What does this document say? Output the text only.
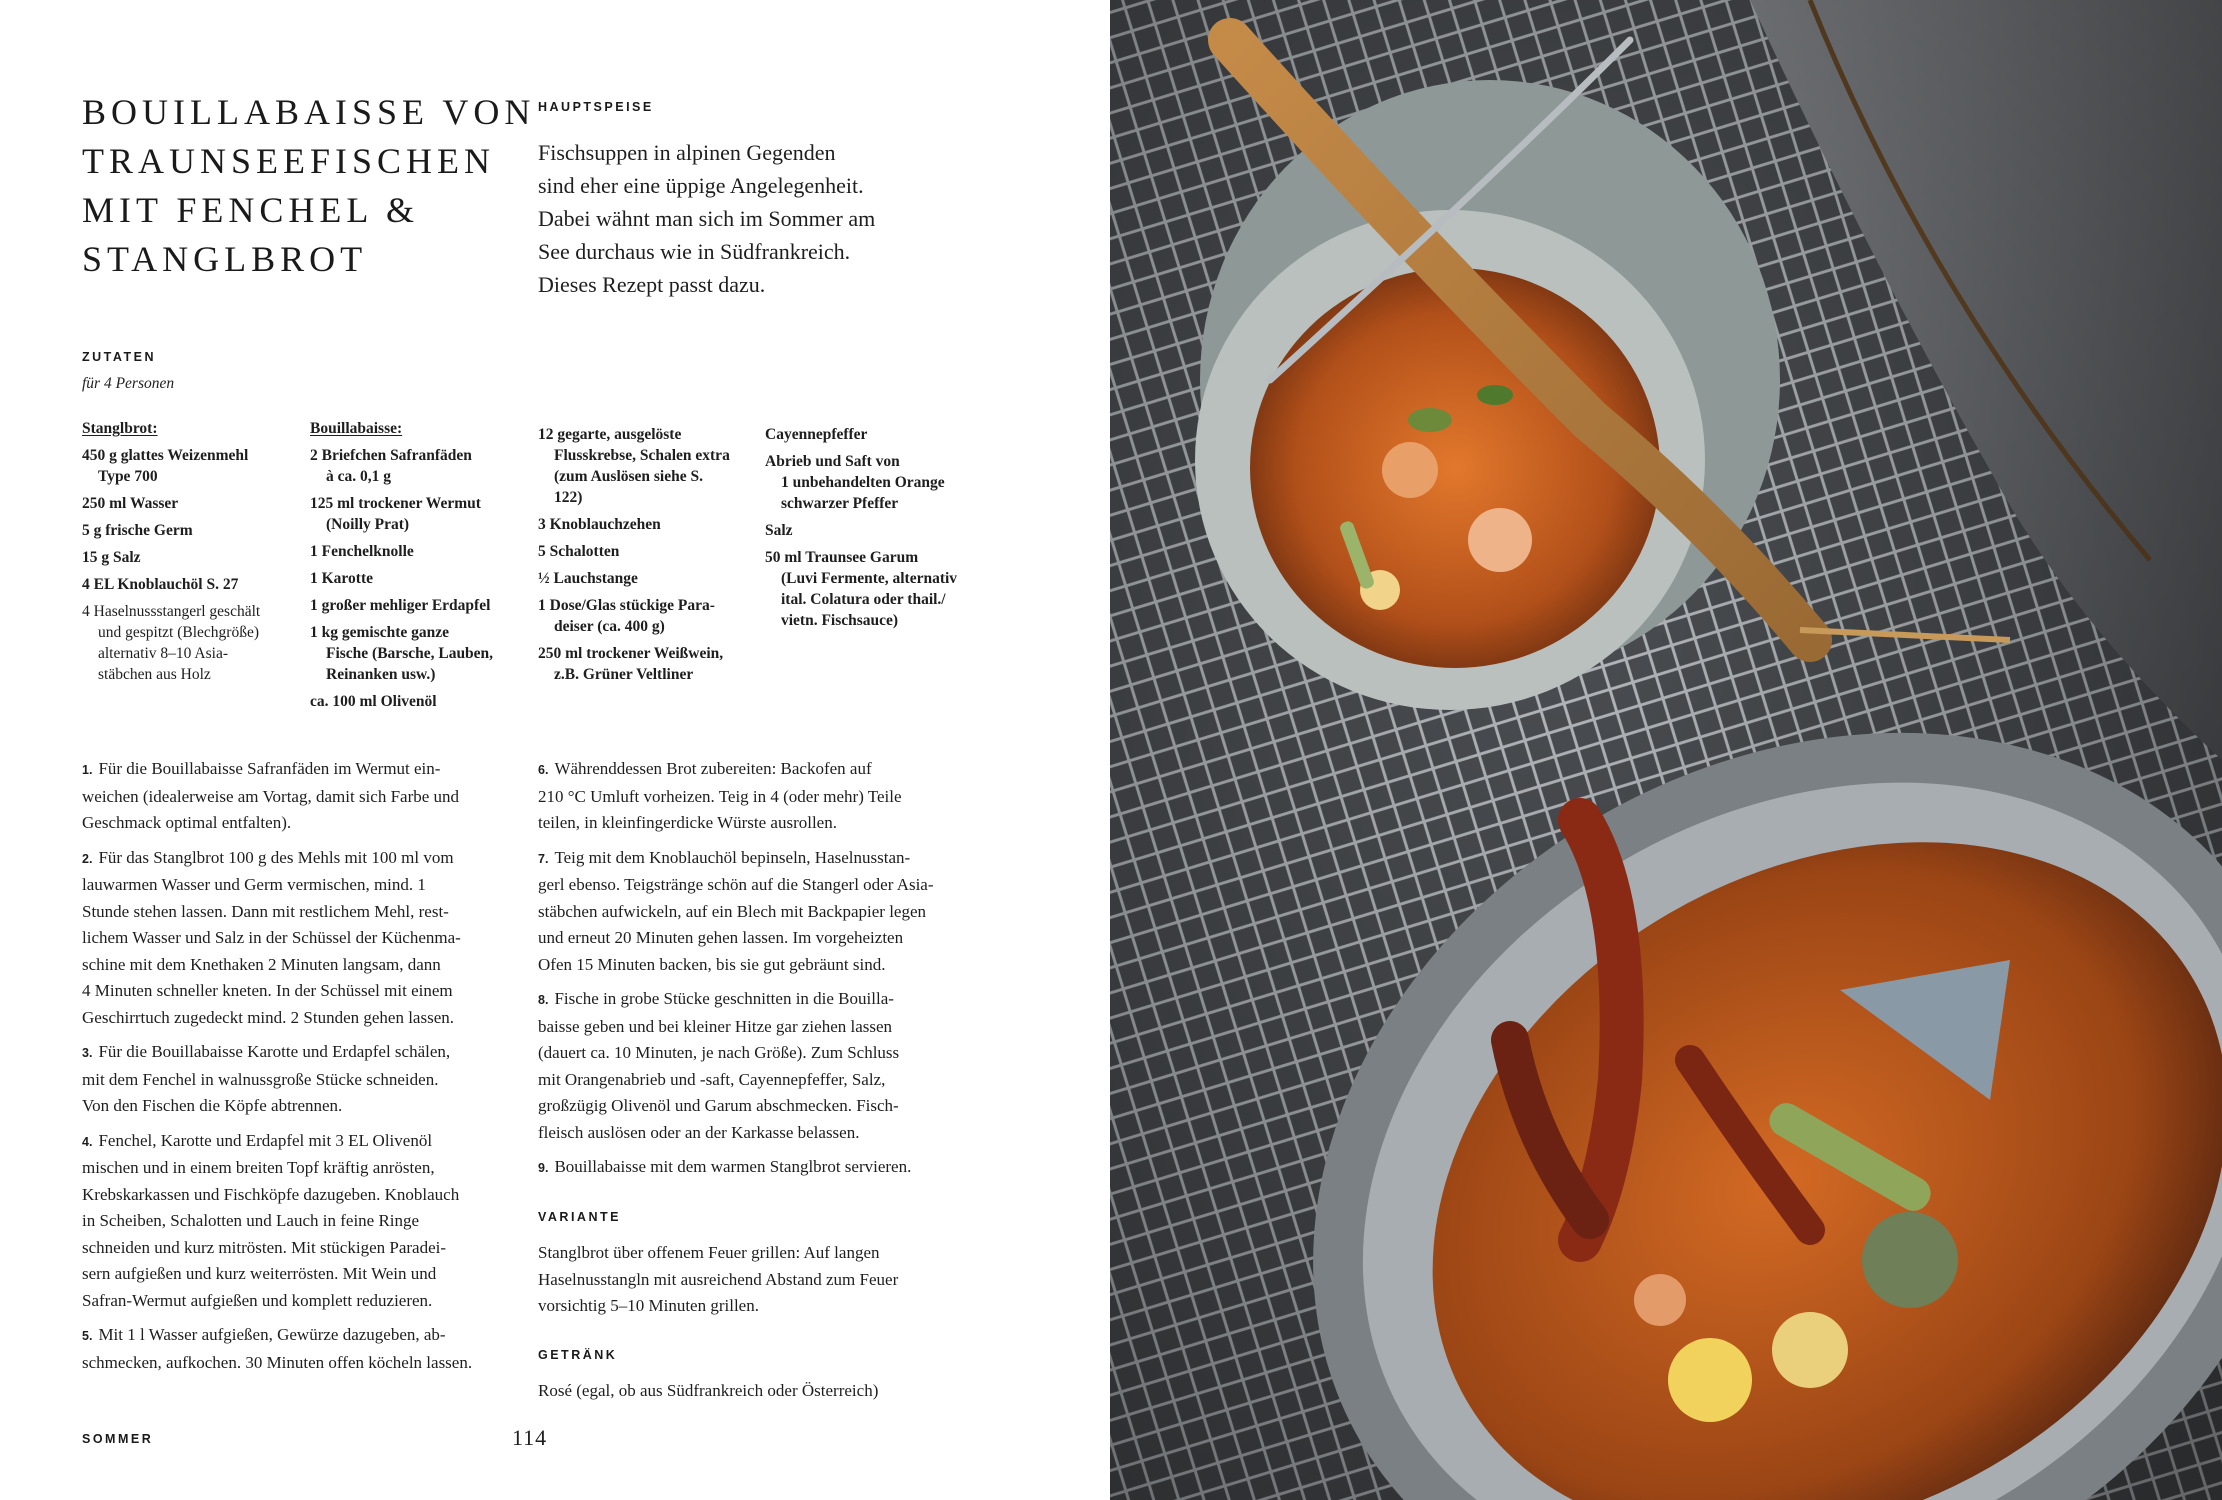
BOUILLABAISSE VON
TRAUNSEEFISCHEN
MIT FENCHEL &
STANGLBROT
HAUPTSPEISE
Fischsuppen in alpinen Gegenden
sind eher eine üppige Angelegenheit.
Dabei wähnt man sich im Sommer am
See durchaus wie in Südfrankreich.
Dieses Rezept passt dazu.
ZUTATEN
für 4 Personen
Stanglbrot:
450 g glattes Weizenmehl
Type 700
250 ml Wasser
5 g frische Germ
15 g Salz
4 EL Knoblauchöl S. 27
4 Haselnussstangerl geschält
und gespitzt (Blechgröße)
alternativ 8–10 Asia-
stäbchen aus Holz
Bouillabaisse:
2 Briefchen Safranfäden
à ca. 0,1 g
125 ml trockener Wermut
(Noilly Prat)
1 Fenchelknolle
1 Karotte
1 großer mehliger Erdapfel
1 kg gemischte ganze
Fische (Barsche, Lauben,
Reinanken usw.)
ca. 100 ml Olivenöl
12 gegarte, ausgelöste
Flusskrebse, Schalen extra
(zum Auslösen siehe S.
122)
3 Knoblauchzehen
5 Schalotten
½ Lauchstange
1 Dose/Glas stückige Para-
deiser (ca. 400 g)
250 ml trockener Weißwein,
z.B. Grüner Veltliner
Cayennepfeffer
Abrieb und Saft von
1 unbehandelten Orange
schwarzer Pfeffer
Salz
50 ml Traunsee Garum
(Luvi Fermente, alternativ
ital. Colatura oder thail./
vietn. Fischsauce)
1. Für die Bouillabaisse Safranfäden im Wermut ein-
weichen (idealerweise am Vortag, damit sich Farbe und
Geschmack optimal entfalten).
2. Für das Stanglbrot 100 g des Mehls mit 100 ml vom
lauwarmen Wasser und Germ vermischen, mind. 1
Stunde stehen lassen. Dann mit restlichem Mehl, rest-
lichem Wasser und Salz in der Schüssel der Küchenma-
schine mit dem Knethaken 2 Minuten langsam, dann
4 Minuten schneller kneten. In der Schüssel mit einem
Geschirrtuch zugedeckt mind. 2 Stunden gehen lassen.
3. Für die Bouillabaisse Karotte und Erdapfel schälen,
mit dem Fenchel in walnussgroße Stücke schneiden.
Von den Fischen die Köpfe abtrennen.
4. Fenchel, Karotte und Erdapfel mit 3 EL Olivenöl
mischen und in einem breiten Topf kräftig anrösten,
Krebskarkassen und Fischköpfe dazugeben. Knoblauch
in Scheiben, Schalotten und Lauch in feine Ringe
schneiden und kurz mitrösten. Mit stückigen Paradei-
sern aufgießen und kurz weiterrösten. Mit Wein und
Safran-Wermut aufgießen und komplett reduzieren.
5. Mit 1 l Wasser aufgießen, Gewürze dazugeben, ab-
schmecken, aufkochen. 30 Minuten offen köcheln lassen.
6. Währenddessen Brot zubereiten: Backofen auf
210 °C Umluft vorheizen. Teig in 4 (oder mehr) Teile
teilen, in kleinfingerdicke Würste ausrollen.
7. Teig mit dem Knoblauchöl bepinseln, Haselnusstan-
gerl ebenso. Teigstränge schön auf die Stangerl oder Asia-
stäbchen aufwickeln, auf ein Blech mit Backpapier legen
und erneut 20 Minuten gehen lassen. Im vorgeheizten
Ofen 15 Minuten backen, bis sie gut gebräunt sind.
8. Fische in grobe Stücke geschnitten in die Bouilla-
baisse geben und bei kleiner Hitze gar ziehen lassen
(dauert ca. 10 Minuten, je nach Größe). Zum Schluss
mit Orangenabrieb und -saft, Cayennepfeffer, Salz,
großzügig Olivenöl und Garum abschmecken. Fisch-
fleisch auslösen oder an der Karkasse belassen.
9. Bouillabaisse mit dem warmen Stanglbrot servieren.
VARIANTE
Stanglbrot über offenem Feuer grillen: Auf langen
Haselnusstangln mit ausreichend Abstand zum Feuer
vorsichtig 5–10 Minuten grillen.
GETRÄNK
Rosé (egal, ob aus Südfrankreich oder Österreich)
SOMMER	114
